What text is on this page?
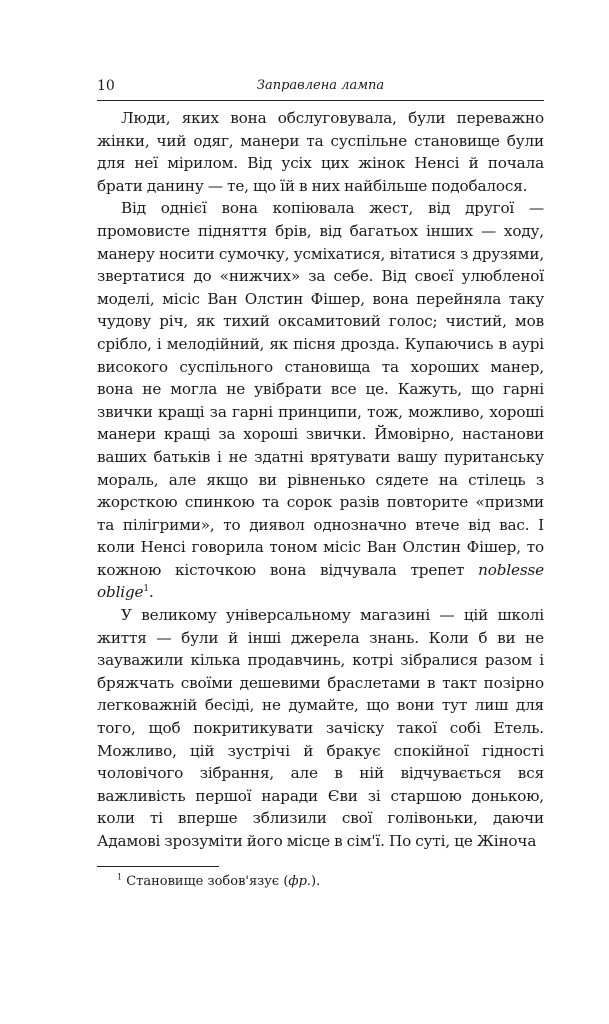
10	Заправлена лампа

Люди, яких вона обслуговувала, були переважно жінки, чий одяг, манери та суспільне становище були для неї мірилом. Від усіх цих жінок Ненсі й почала брати данину — те, що їй в них найбільше подобалося.

Від однієї вона копіювала жест, від другої — промовисте підняття брів, від багатьох інших — ходу, манеру носити сумочку, усміхатися, вітатися з друзями, звертатися до «нижчих» за себе. Від своєї улюбленої моделі, місіс Ван Олстин Фішер, вона перейняла таку чудову річ, як тихий оксамитовий голос; чистий, мов срібло, і мелодійний, як пісня дрозда. Купаючись в аурі високого суспільного становища та хороших манер, вона не могла не увібрати все це. Кажуть, що гарні звички кращі за гарні принципи, тож, можливо, хороші манери кращі за хороші звички. Ймовірно, настанови ваших батьків і не здатні врятувати вашу пуританську мораль, але якщо ви рівненько сядете на стілець з жорсткою спинкою та сорок разів повторите «призми та пілігрими», то диявол однозначно втече від вас. І коли Ненсі говорила тоном місіс Ван Олстин Фішер, то кожною кісточкою вона відчувала трепет noblesse oblige$^1$.

У великому універсальному магазині — цій школі життя — були й інші джерела знань. Коли б ви не зауважили кілька продавчинь, котрі зібралися разом і бряжчать своїми дешевими браслетами в такт позірно легковажній бесіді, не думайте, що вони тут лиш для того, щоб покритикувати зачіску такої собі Етель. Можливо, цій зустрічі й бракує спокійної гідності чоловічого зібрання, але в ній відчувається вся важливість першої наради Єви зі старшою донькою, коли ті вперше зблизили свої голівоньки, даючи Адамові зрозуміти його місце в сім'ї. По суті, це Жіноча

$^1$ Становище зобов'язує (фр.).
